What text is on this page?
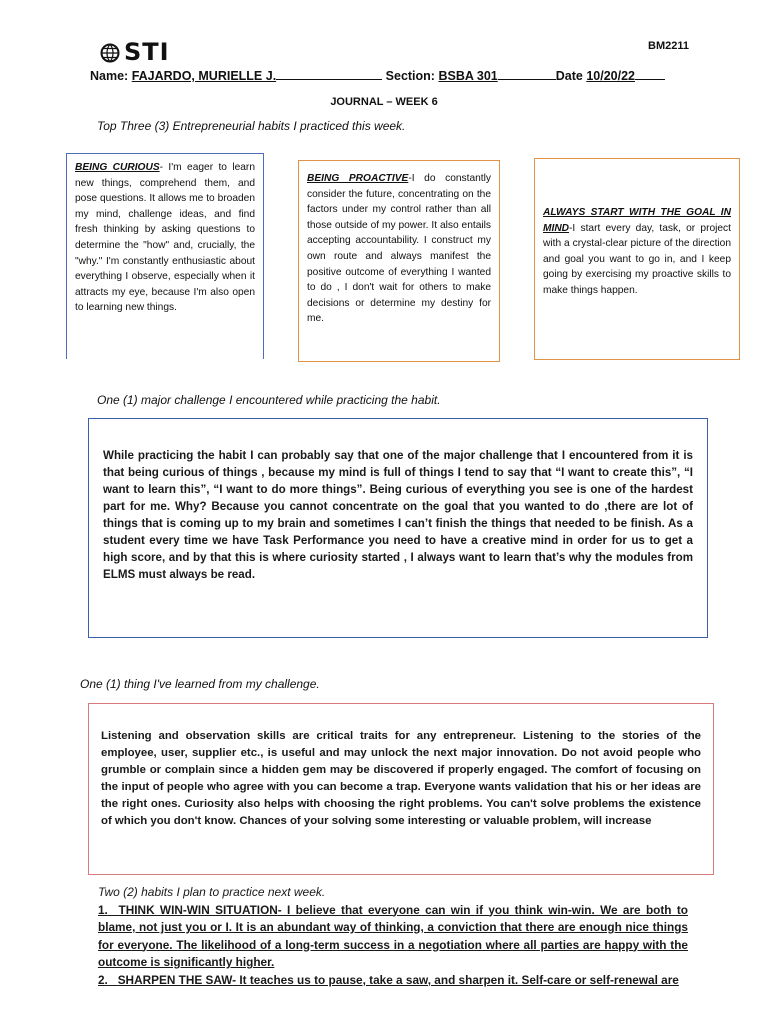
STI	BM2211
Name: FAJARDO, MURIELLE J.	Section: BSBA 301	Date 10/20/22
JOURNAL – WEEK 6
Top Three (3) Entrepreneurial habits I practiced this week.
BEING CURIOUS- I'm eager to learn new things, comprehend them, and pose questions. It allows me to broaden my mind, challenge ideas, and find fresh thinking by asking questions to determine the "how" and, crucially, the "why." I'm constantly enthusiastic about everything I observe, especially when it attracts my eye, because I'm also open to learning new things.
BEING PROACTIVE-I do constantly consider the future, concentrating on the factors under my control rather than all those outside of my power. It also entails accepting accountability. I construct my own route and always manifest the positive outcome of everything I wanted to do , I don't wait for others to make decisions or determine my destiny for me.
ALWAYS START WITH THE GOAL IN MIND-I start every day, task, or project with a crystal-clear picture of the direction and goal you want to go in, and I keep going by exercising my proactive skills to make things happen.
One (1) major challenge I encountered while practicing the habit.
While practicing the habit I can probably say that one of the major challenge that I encountered from it is that being curious of things , because my mind is full of things I tend to say that “I want to create this”, “I want to learn this”, “I want to do more things”. Being curious of everything you see is one of the hardest part for me. Why? Because you cannot concentrate on the goal that you wanted to do ,there are lot of things that is coming up to my brain and sometimes I can’t finish the things that needed to be finish. As a student every time we have Task Performance you need to have a creative mind in order for us to get a high score, and by that this is where curiosity started , I always want to learn that’s why the modules from ELMS must always be read.
One (1) thing I've learned from my challenge.
Listening and observation skills are critical traits for any entrepreneur. Listening to the stories of the employee, user, supplier etc., is useful and may unlock the next major innovation. Do not avoid people who grumble or complain since a hidden gem may be discovered if properly engaged. The comfort of focusing on the input of people who agree with you can become a trap. Everyone wants validation that his or her ideas are the right ones. Curiosity also helps with choosing the right problems. You can't solve problems the existence of which you don't know. Chances of your solving some interesting or valuable problem, will increase
Two (2) habits I plan to practice next week.
1. THINK WIN-WIN SITUATION- I believe that everyone can win if you think win-win. We are both to blame, not just you or I. It is an abundant way of thinking, a conviction that there are enough nice things for everyone. The likelihood of a long-term success in a negotiation where all parties are happy with the outcome is significantly higher.
2. SHARPEN THE SAW- It teaches us to pause, take a saw, and sharpen it. Self-care or self-renewal are
